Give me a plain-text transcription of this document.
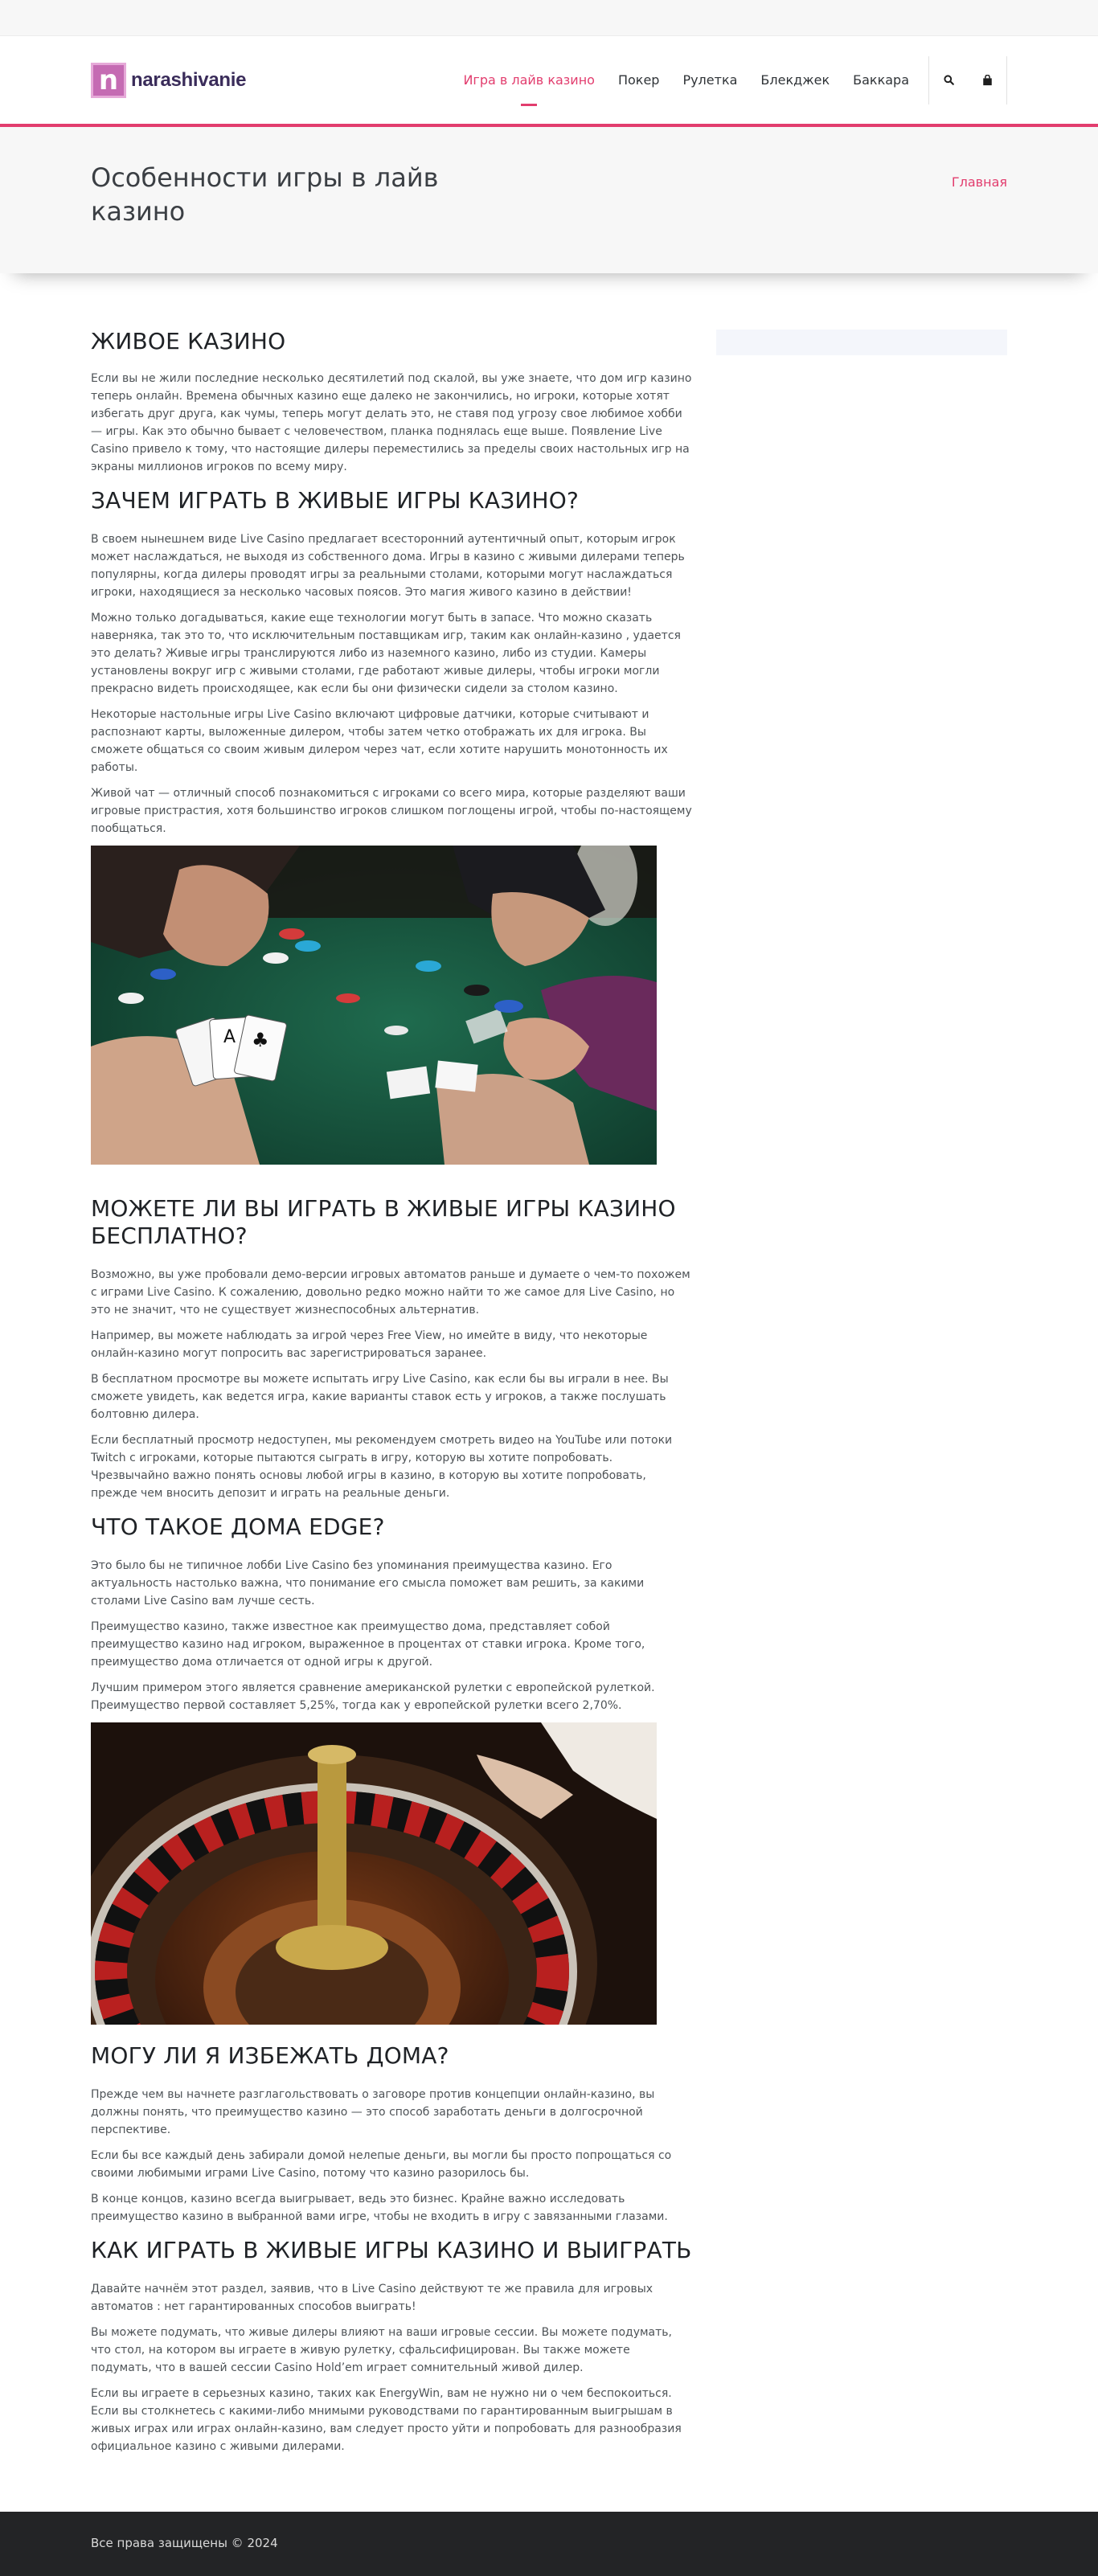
n narashivanie	Игра в лайв казино Покер Рулетка Блекджек Баккара
Особенности игры в лайв казино
Главная
ЖИВОЕ КАЗИНО

Если вы не жили последние несколько десятилетий под скалой, вы уже знаете, что дом игр казино теперь онлайн. Времена обычных казино еще далеко не закончились, но игроки, которые хотят избегать друг друга, как чумы, теперь могут делать это, не ставя под угрозу свое любимое хобби — игры. Как это обычно бывает с человечеством, планка поднялась еще выше. Появление Live Casino привело к тому, что настоящие дилеры переместились за пределы своих настольных игр на экраны миллионов игроков по всему миру.

ЗАЧЕМ ИГРАТЬ В ЖИВЫЕ ИГРЫ КАЗИНО?

В своем нынешнем виде Live Casino предлагает всесторонний аутентичный опыт, которым игрок может наслаждаться, не выходя из собственного дома. Игры в казино с живыми дилерами теперь популярны, когда дилеры проводят игры за реальными столами, которыми могут наслаждаться игроки, находящиеся за несколько часовых поясов. Это магия живого казино в действии!

Можно только догадываться, какие еще технологии могут быть в запасе. Что можно сказать наверняка, так это то, что исключительным поставщикам игр, таким как онлайн-казино , удается это делать? Живые игры транслируются либо из наземного казино, либо из студии. Камеры установлены вокруг игр с живыми столами, где работают живые дилеры, чтобы игроки могли прекрасно видеть происходящее, как если бы они физически сидели за столом казино.

Некоторые настольные игры Live Casino включают цифровые датчики, которые считывают и распознают карты, выложенные дилером, чтобы затем четко отображать их для игрока. Вы сможете общаться со своим живым дилером через чат, если хотите нарушить монотонность их работы.

Живой чат — отличный способ познакомиться с игроками со всего мира, которые разделяют ваши игровые пристрастия, хотя большинство игроков слишком поглощены игрой, чтобы по-настоящему пообщаться.

A ♣
МОЖЕТЕ ЛИ ВЫ ИГРАТЬ В ЖИВЫЕ ИГРЫ КАЗИНО БЕСПЛАТНО?

Возможно, вы уже пробовали демо-версии игровых автоматов раньше и думаете о чем-то похожем с играми Live Casino. К сожалению, довольно редко можно найти то же самое для Live Casino, но это не значит, что не существует жизнеспособных альтернатив.

Например, вы можете наблюдать за игрой через Free View, но имейте в виду, что некоторые онлайн-казино могут попросить вас зарегистрироваться заранее.

В бесплатном просмотре вы можете испытать игру Live Casino, как если бы вы играли в нее. Вы сможете увидеть, как ведется игра, какие варианты ставок есть у игроков, а также послушать болтовню дилера.

Если бесплатный просмотр недоступен, мы рекомендуем смотреть видео на YouTube или потоки Twitch с игроками, которые пытаются сыграть в игру, которую вы хотите попробовать. Чрезвычайно важно понять основы любой игры в казино, в которую вы хотите попробовать, прежде чем вносить депозит и играть на реальные деньги.

ЧТО ТАКОЕ ДОМА EDGE?

Это было бы не типичное лобби Live Casino без упоминания преимущества казино. Его актуальность настолько важна, что понимание его смысла поможет вам решить, за какими столами Live Casino вам лучше сесть.

Преимущество казино, также известное как преимущество дома, представляет собой преимущество казино над игроком, выраженное в процентах от ставки игрока. Кроме того, преимущество дома отличается от одной игры к другой.

Лучшим примером этого является сравнение американской рулетки с европейской рулеткой. Преимущество первой составляет 5,25%, тогда как у европейской рулетки всего 2,70%.

МОГУ ЛИ Я ИЗБЕЖАТЬ ДОМА?

Прежде чем вы начнете разглагольствовать о заговоре против концепции онлайн-казино, вы должны понять, что преимущество казино — это способ заработать деньги в долгосрочной перспективе.

Если бы все каждый день забирали домой нелепые деньги, вы могли бы просто попрощаться со своими любимыми играми Live Casino, потому что казино разорилось бы.

В конце концов, казино всегда выигрывает, ведь это бизнес. Крайне важно исследовать преимущество казино в выбранной вами игре, чтобы не входить в игру с завязанными глазами.

КАК ИГРАТЬ В ЖИВЫЕ ИГРЫ КАЗИНО И ВЫИГРАТЬ

Давайте начнём этот раздел, заявив, что в Live Casino действуют те же правила для игровых автоматов : нет гарантированных способов выиграть!

Вы можете подумать, что живые дилеры влияют на ваши игровые сессии. Вы можете подумать, что стол, на котором вы играете в живую рулетку, сфальсифицирован. Вы также можете подумать, что в вашей сессии Casino Hold’em играет сомнительный живой дилер.

Если вы играете в серьезных казино, таких как EnergyWin, вам не нужно ни о чем беспокоиться. Если вы столкнетесь с какими-либо мнимыми руководствами по гарантированным выигрышам в живых играх или играх онлайн-казино, вам следует просто уйти и попробовать для разнообразия официальное казино с живыми дилерами.

Все права защищены © 2024
